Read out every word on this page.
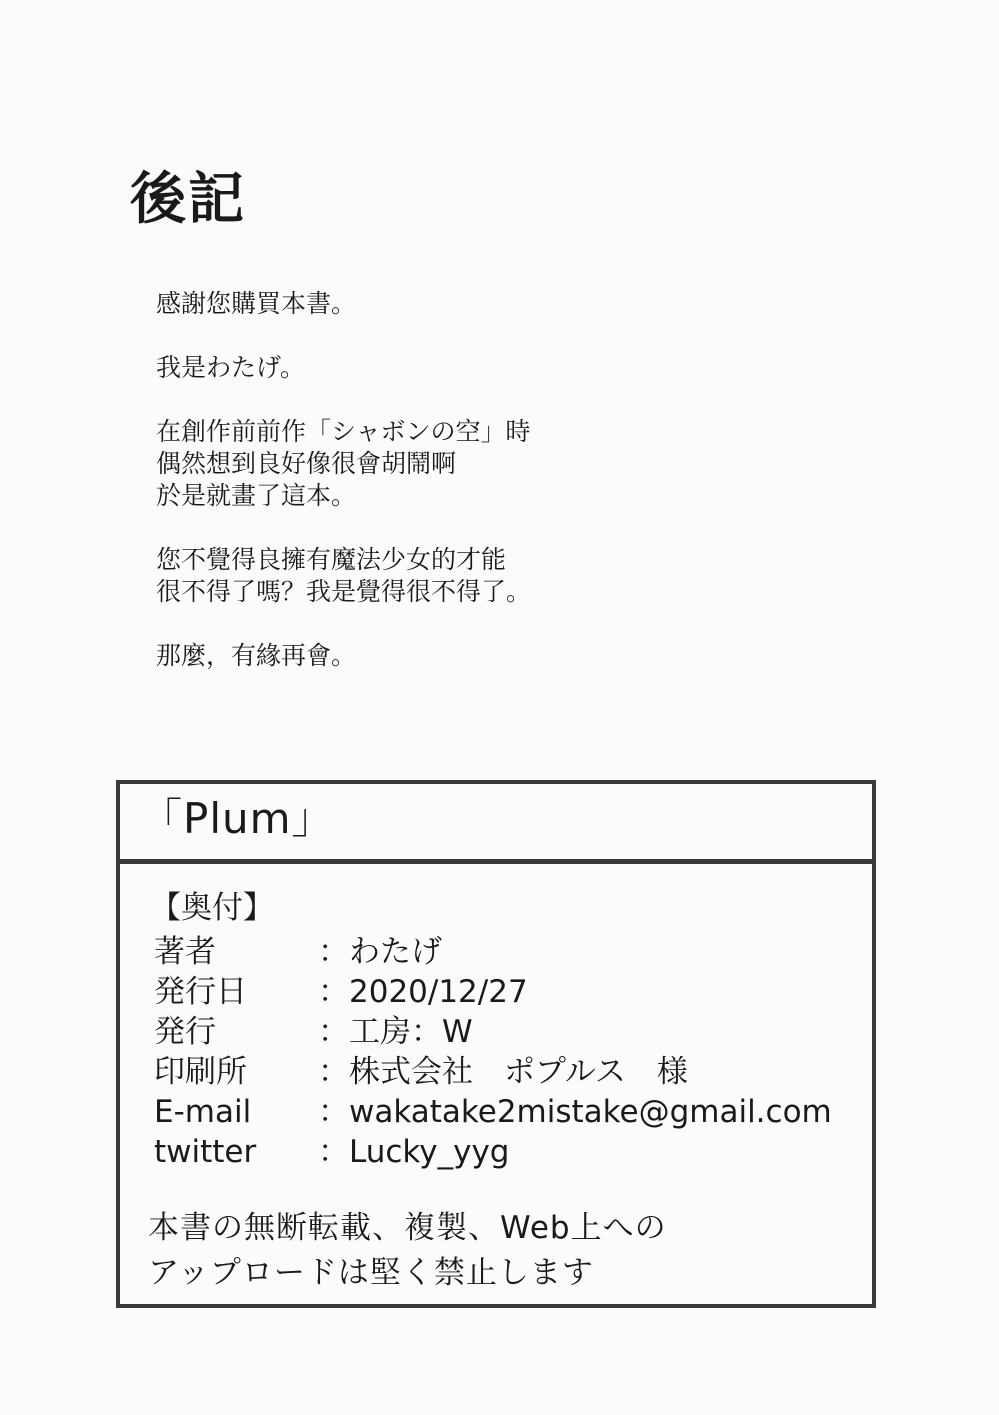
後記

感謝您購買本書。

我是わたげ。

在創作前前作「シャボンの空」時
偶然想到良好像很會胡鬧啊
於是就畫了這本。

您不覺得良擁有魔法少女的才能
很不得了嗎？我是覺得很不得了。

那麼，有緣再會。

「Plum」
【奥付】
著者	：わたげ
発行日 ：2020/12/27
発行	：工房：W
印刷所 ：株式会社　ポプルス　様
E-mail ：wakatake2mistake@gmail.com
twitter ：Lucky_yyg
本書の無断転載、複製、Web上への
アップロードは堅く禁止します
